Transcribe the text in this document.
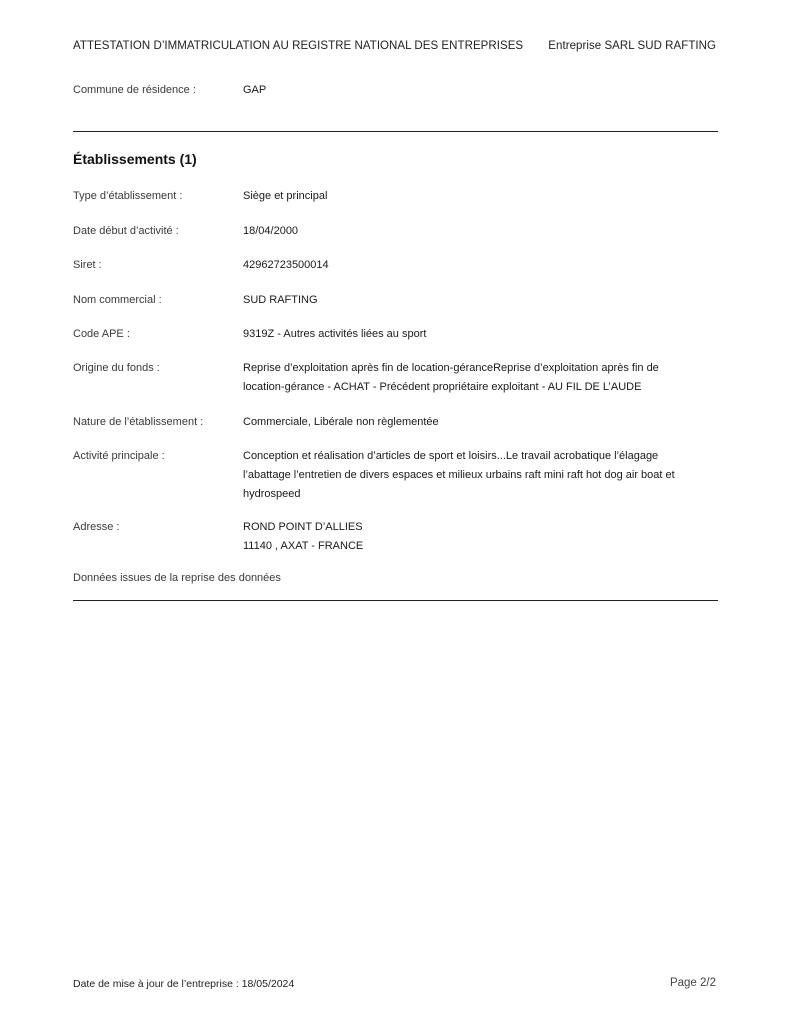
ATTESTATION D’IMMATRICULATION AU REGISTRE NATIONAL DES ENTREPRISES Entreprise SARL SUD RAFTING
Commune de résidence :	GAP
Établissements (1)
Type d’établissement :	Siège et principal
Date début d’activité :	18/04/2000
Siret :	42962723500014
Nom commercial :	SUD RAFTING
Code APE :	9319Z - Autres activités liées au sport
Origine du fonds :	Reprise d’exploitation après fin de location-géranceReprise d’exploitation après fin de
location-gérance - ACHAT - Précédent propriétaire exploitant - AU FIL DE L’AUDE
Nature de l’établissement :	Commerciale, Libérale non règlementée
Activité principale :	Conception et réalisation d’articles de sport et loisirs...Le travail acrobatique l’élagage
l’abattage l’entretien de divers espaces et milieux urbains raft mini raft hot dog air boat et
hydrospeed
Adresse :	ROND POINT D’ALLIES
11140 , AXAT - FRANCE
Données issues de la reprise des données
Date de mise à jour de l’entreprise : 18/05/2024	Page 2/2
